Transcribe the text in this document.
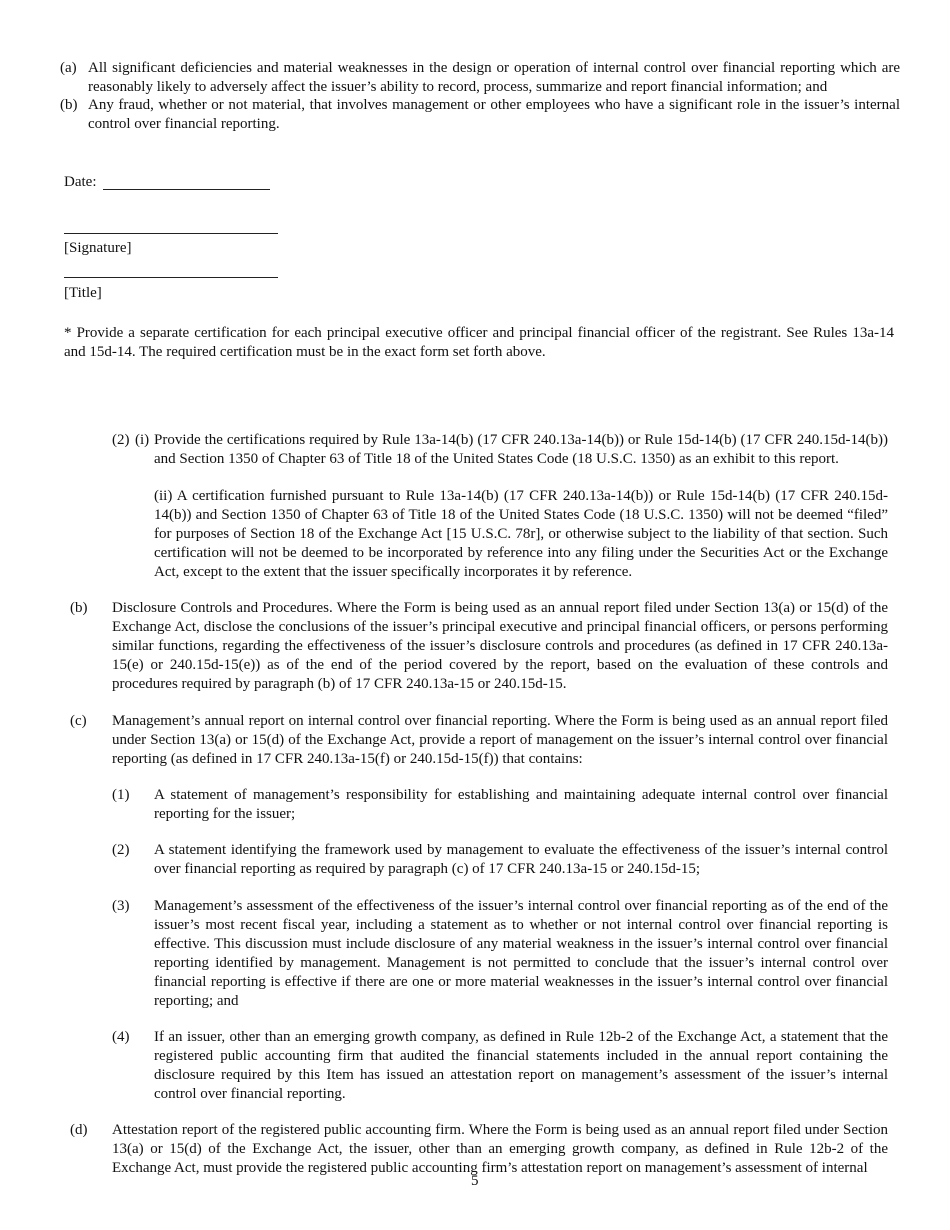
(a) All significant deficiencies and material weaknesses in the design or operation of internal control over financial reporting which are reasonably likely to adversely affect the issuer’s ability to record, process, summarize and report financial information; and

(b) Any fraud, whether or not material, that involves management or other employees who have a significant role in the issuer’s internal control over financial reporting.

Date:
[Signature]
[Title]

* Provide a separate certification for each principal executive officer and principal financial officer of the registrant. See Rules 13a-14 and 15d-14. The required certification must be in the exact form set forth above.

(2) (i) Provide the certifications required by Rule 13a-14(b) (17 CFR 240.13a-14(b)) or Rule 15d-14(b) (17 CFR 240.15d-14(b)) and Section 1350 of Chapter 63 of Title 18 of the United States Code (18 U.S.C. 1350) as an exhibit to this report.

(ii) A certification furnished pursuant to Rule 13a-14(b) (17 CFR 240.13a-14(b)) or Rule 15d-14(b) (17 CFR 240.15d-14(b)) and Section 1350 of Chapter 63 of Title 18 of the United States Code (18 U.S.C. 1350) will not be deemed “filed” for purposes of Section 18 of the Exchange Act [15 U.S.C. 78r], or otherwise subject to the liability of that section. Such certification will not be deemed to be incorporated by reference into any filing under the Securities Act or the Exchange Act, except to the extent that the issuer specifically incorporates it by reference.

(b) Disclosure Controls and Procedures. Where the Form is being used as an annual report filed under Section 13(a) or 15(d) of the Exchange Act, disclose the conclusions of the issuer’s principal executive and principal financial officers, or persons performing similar functions, regarding the effectiveness of the issuer’s disclosure controls and procedures (as defined in 17 CFR 240.13a-15(e) or 240.15d-15(e)) as of the end of the period covered by the report, based on the evaluation of these controls and procedures required by paragraph (b) of 17 CFR 240.13a-15 or 240.15d-15.

(c) Management’s annual report on internal control over financial reporting. Where the Form is being used as an annual report filed under Section 13(a) or 15(d) of the Exchange Act, provide a report of management on the issuer’s internal control over financial reporting (as defined in 17 CFR 240.13a-15(f) or 240.15d-15(f)) that contains:

(1) A statement of management’s responsibility for establishing and maintaining adequate internal control over financial reporting for the issuer;

(2) A statement identifying the framework used by management to evaluate the effectiveness of the issuer’s internal control over financial reporting as required by paragraph (c) of 17 CFR 240.13a-15 or 240.15d-15;

(3) Management’s assessment of the effectiveness of the issuer’s internal control over financial reporting as of the end of the issuer’s most recent fiscal year, including a statement as to whether or not internal control over financial reporting is effective. This discussion must include disclosure of any material weakness in the issuer’s internal control over financial reporting identified by management. Management is not permitted to conclude that the issuer’s internal control over financial reporting is effective if there are one or more material weaknesses in the issuer’s internal control over financial reporting; and

(4) If an issuer, other than an emerging growth company, as defined in Rule 12b-2 of the Exchange Act, a statement that the registered public accounting firm that audited the financial statements included in the annual report containing the disclosure required by this Item has issued an attestation report on management’s assessment of the issuer’s internal control over financial reporting.

(d) Attestation report of the registered public accounting firm. Where the Form is being used as an annual report filed under Section 13(a) or 15(d) of the Exchange Act, the issuer, other than an emerging growth company, as defined in Rule 12b-2 of the Exchange Act, must provide the registered public accounting firm’s attestation report on management’s assessment of internal

5
